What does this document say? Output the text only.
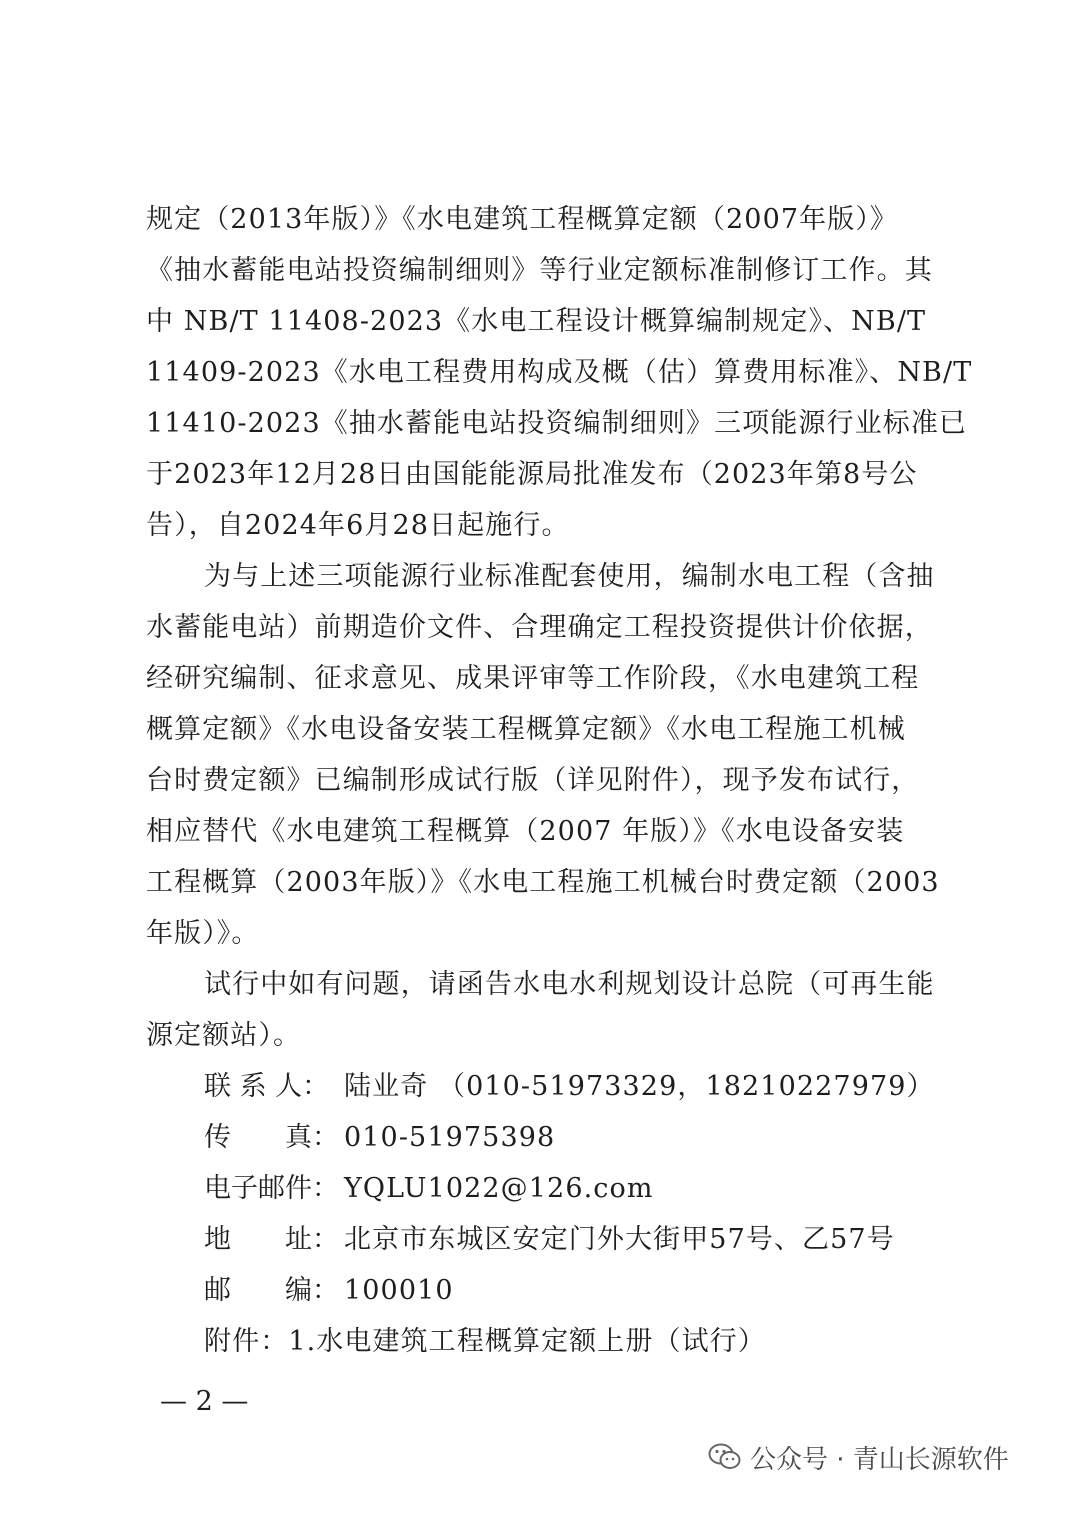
规定（2013年版）》《水电建筑工程概算定额（2007年版）》
《抽水蓄能电站投资编制细则》等行业定额标准制修订工作。其
中 NB/T 11408-2023《水电工程设计概算编制规定》、NB/T
11409-2023《水电工程费用构成及概（估）算费用标准》、NB/T
11410-2023《抽水蓄能电站投资编制细则》三项能源行业标准已
于2023年12月28日由国能能源局批准发布（2023年第8号公
告），自2024年6月28日起施行。
为与上述三项能源行业标准配套使用，编制水电工程（含抽
水蓄能电站）前期造价文件、合理确定工程投资提供计价依据，
经研究编制、征求意见、成果评审等工作阶段，《水电建筑工程
概算定额》《水电设备安装工程概算定额》《水电工程施工机械
台时费定额》已编制形成试行版（详见附件），现予发布试行，
相应替代《水电建筑工程概算（2007 年版）》《水电设备安装
工程概算（2003年版）》《水电工程施工机械台时费定额（2003
年版）》。
试行中如有问题，请函告水电水利规划设计总院（可再生能
源定额站）。
联 系 人： 陆业奇 （010-51973329，18210227979）
传　　真： 010-51975398
电子邮件： YQLU1022@126.com
地　　址： 北京市东城区安定门外大街甲57号、乙57号
邮　　编： 100010
附件：1.水电建筑工程概算定额上册（试行）
— 2 —
公众号 · 青山长源软件
